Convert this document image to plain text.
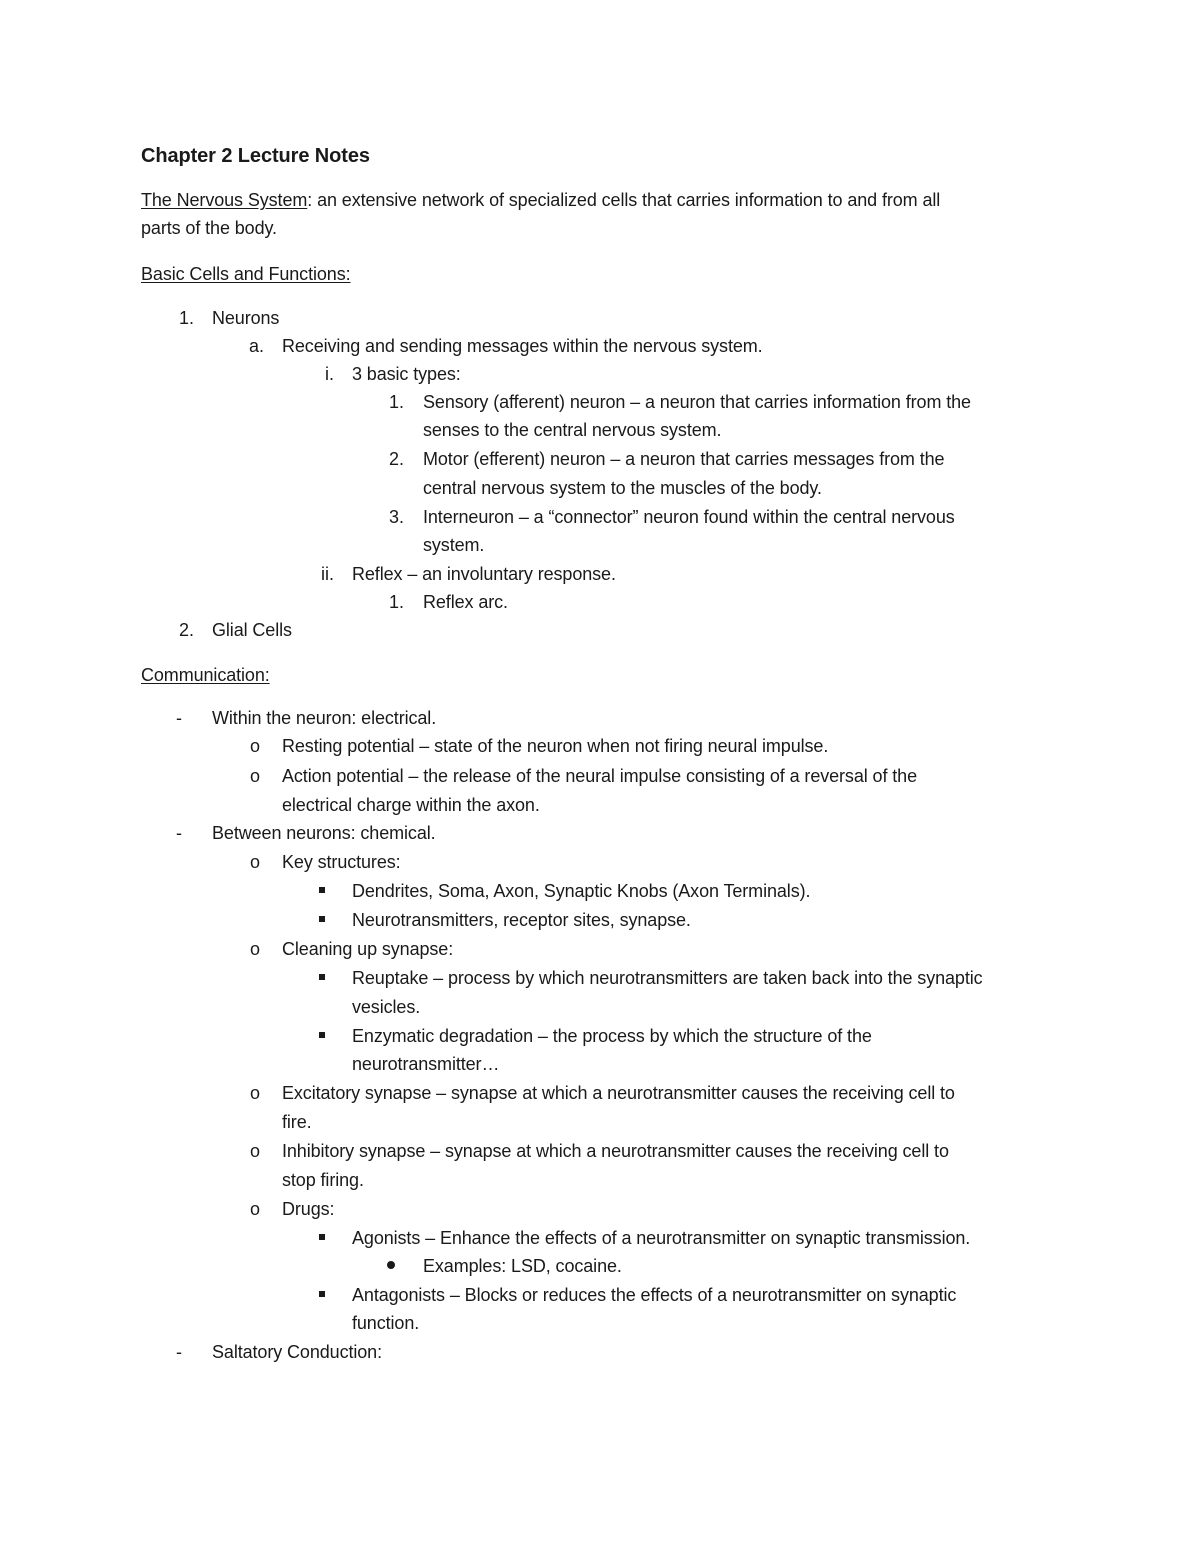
Chapter 2 Lecture Notes
The Nervous System: an extensive network of specialized cells that carries information to and from all
parts of the body.
Basic Cells and Functions:
1. Neurons
a. Receiving and sending messages within the nervous system.
i. 3 basic types:
1. Sensory (afferent) neuron – a neuron that carries information from the
senses to the central nervous system.
2. Motor (efferent) neuron – a neuron that carries messages from the
central nervous system to the muscles of the body.
3. Interneuron – a “connector” neuron found within the central nervous
system.
ii. Reflex – an involuntary response.
1. Reflex arc.
2. Glial Cells
Communication:
- Within the neuron: electrical.
o Resting potential – state of the neuron when not firing neural impulse.
o Action potential – the release of the neural impulse consisting of a reversal of the
electrical charge within the axon.
- Between neurons: chemical.
o Key structures:
Dendrites, Soma, Axon, Synaptic Knobs (Axon Terminals).
Neurotransmitters, receptor sites, synapse.
o Cleaning up synapse:
Reuptake – process by which neurotransmitters are taken back into the synaptic
vesicles.
Enzymatic degradation – the process by which the structure of the
neurotransmitter…
o Excitatory synapse – synapse at which a neurotransmitter causes the receiving cell to
fire.
o Inhibitory synapse – synapse at which a neurotransmitter causes the receiving cell to
stop firing.
o Drugs:
Agonists – Enhance the effects of a neurotransmitter on synaptic transmission.
Examples: LSD, cocaine.
Antagonists – Blocks or reduces the effects of a neurotransmitter on synaptic
function.
- Saltatory Conduction:
